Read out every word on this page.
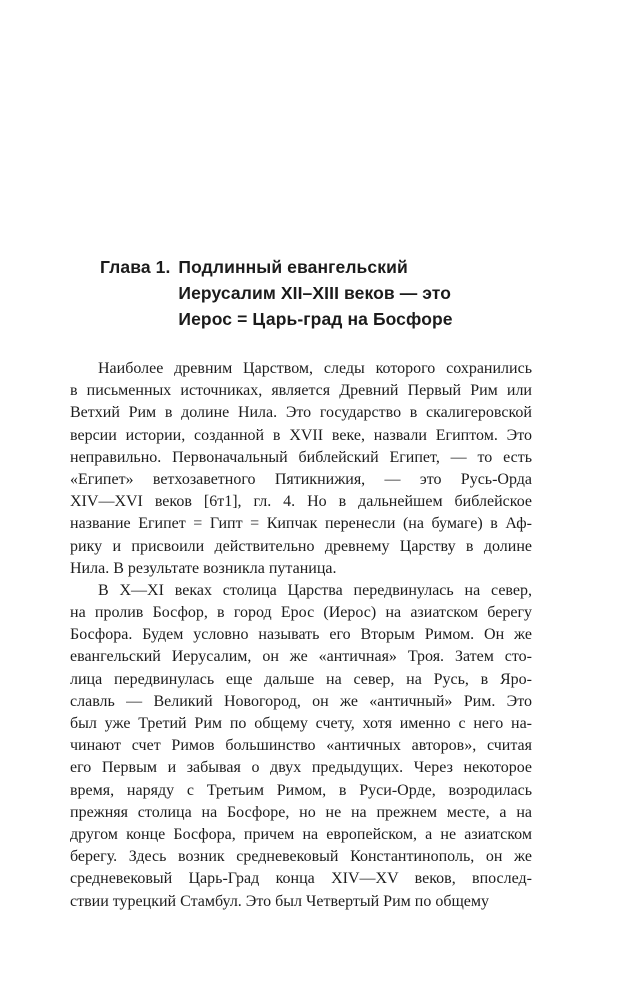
Глава 1. Подлинный евангельский
Иерусалим XII–XIII веков — это
Иерос = Царь-град на Босфоре
Наиболее древним Царством, следы которого сохранились
в письменных источниках, является Древний Первый Рим или
Ветхий Рим в долине Нила. Это государство в скалигеровской
версии истории, созданной в XVII веке, назвали Египтом. Это
неправильно. Первоначальный библейский Египет, — то есть
«Египет» ветхозаветного Пятикнижия, — это Русь-Орда
XIV—XVI веков [6т1], гл. 4. Но в дальнейшем библейское
название Египет = Гипт = Кипчак перенесли (на бумаге) в Аф-
рику и присвоили действительно древнему Царству в долине
Нила. В результате возникла путаница.
В X—XI веках столица Царства передвинулась на север,
на пролив Босфор, в город Ерос (Иерос) на азиатском берегу
Босфора. Будем условно называть его Вторым Римом. Он же
евангельский Иерусалим, он же «античная» Троя. Затем сто-
лица передвинулась еще дальше на север, на Русь, в Яро-
славль — Великий Новогород, он же «античный» Рим. Это
был уже Третий Рим по общему счету, хотя именно с него на-
чинают счет Римов большинство «античных авторов», считая
его Первым и забывая о двух предыдущих. Через некоторое
время, наряду с Третьим Римом, в Руси-Орде, возродилась
прежняя столица на Босфоре, но не на прежнем месте, а на
другом конце Босфора, причем на европейском, а не азиатском
берегу. Здесь возник средневековый Константинополь, он же
средневековый Царь-Град конца XIV—XV веков, впослед-
ствии турецкий Стамбул. Это был Четвертый Рим по общему
